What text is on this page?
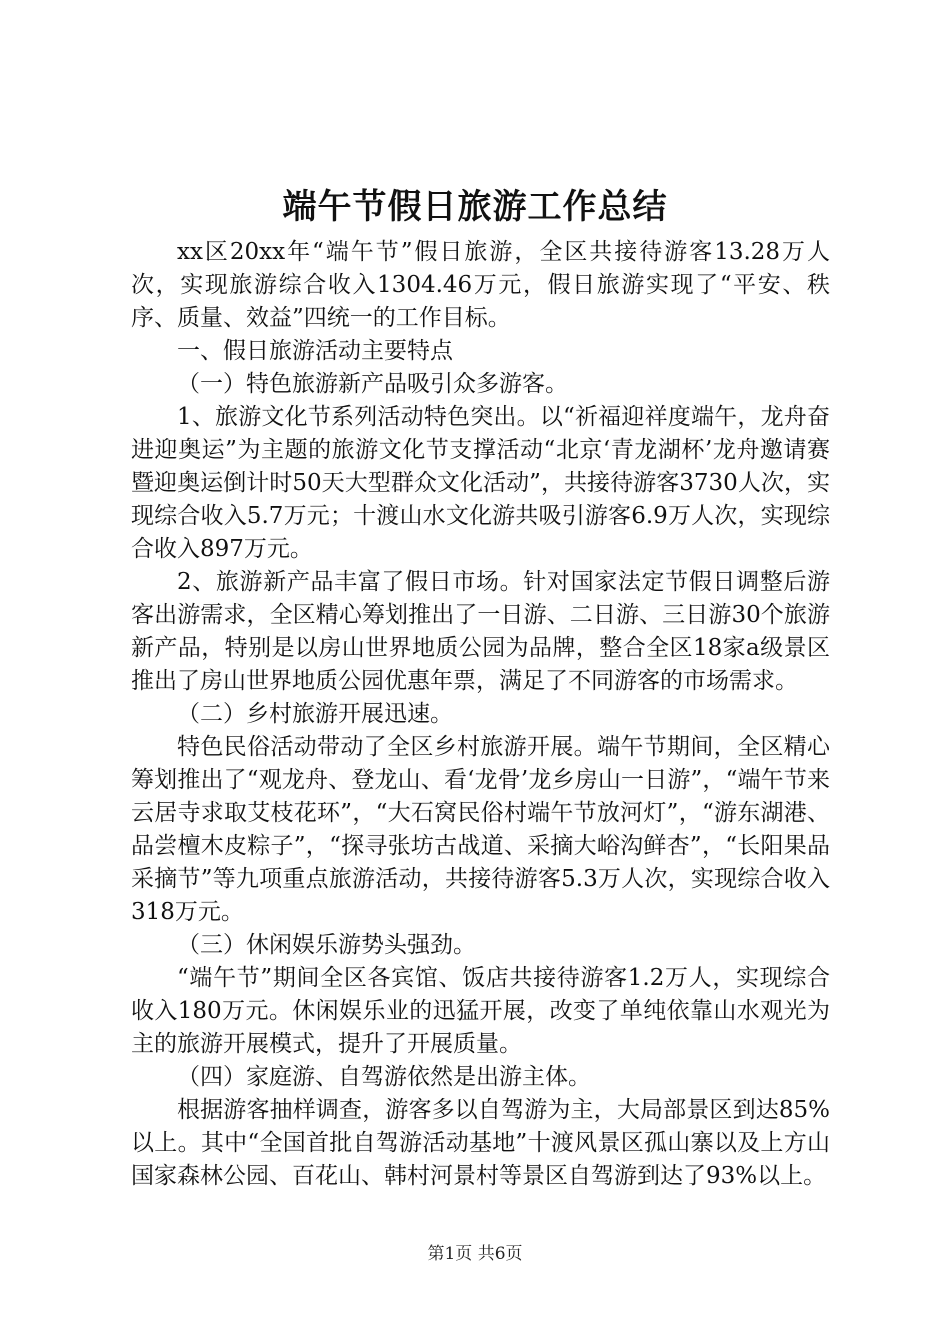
端午节假日旅游工作总结

xx区20xx年“端午节”假日旅游，全区共接待游客13.28万人次，实现旅游综合收入1304.46万元，假日旅游实现了“平安、秩序、质量、效益”四统一的工作目标。

一、假日旅游活动主要特点

（一）特色旅游新产品吸引众多游客。

1、旅游文化节系列活动特色突出。以“祈福迎祥度端午，龙舟奋进迎奥运”为主题的旅游文化节支撑活动“北京‘青龙湖杯’龙舟邀请赛暨迎奥运倒计时50天大型群众文化活动”，共接待游客3730人次，实现综合收入5.7万元；十渡山水文化游共吸引游客6.9万人次，实现综合收入897万元。

2、旅游新产品丰富了假日市场。针对国家法定节假日调整后游客出游需求，全区精心筹划推出了一日游、二日游、三日游30个旅游新产品，特别是以房山世界地质公园为品牌，整合全区18家a级景区推出了房山世界地质公园优惠年票，满足了不同游客的市场需求。

（二）乡村旅游开展迅速。

特色民俗活动带动了全区乡村旅游开展。端午节期间，全区精心筹划推出了“观龙舟、登龙山、看‘龙骨’龙乡房山一日游”，“端午节来云居寺求取艾枝花环”，“大石窝民俗村端午节放河灯”，“游东湖港、品尝檀木皮粽子”，“探寻张坊古战道、采摘大峪沟鲜杏”，“长阳果品采摘节”等九项重点旅游活动，共接待游客5.3万人次，实现综合收入318万元。

（三）休闲娱乐游势头强劲。

“端午节”期间全区各宾馆、饭店共接待游客1.2万人，实现综合收入180万元。休闲娱乐业的迅猛开展，改变了单纯依靠山水观光为主的旅游开展模式，提升了开展质量。

（四）家庭游、自驾游依然是出游主体。

根据游客抽样调查，游客多以自驾游为主，大局部景区到达85%以上。其中“全国首批自驾游活动基地”十渡风景区孤山寨以及上方山国家森林公园、百花山、韩村河景村等景区自驾游到达了93%以上。

第1页 共6页
